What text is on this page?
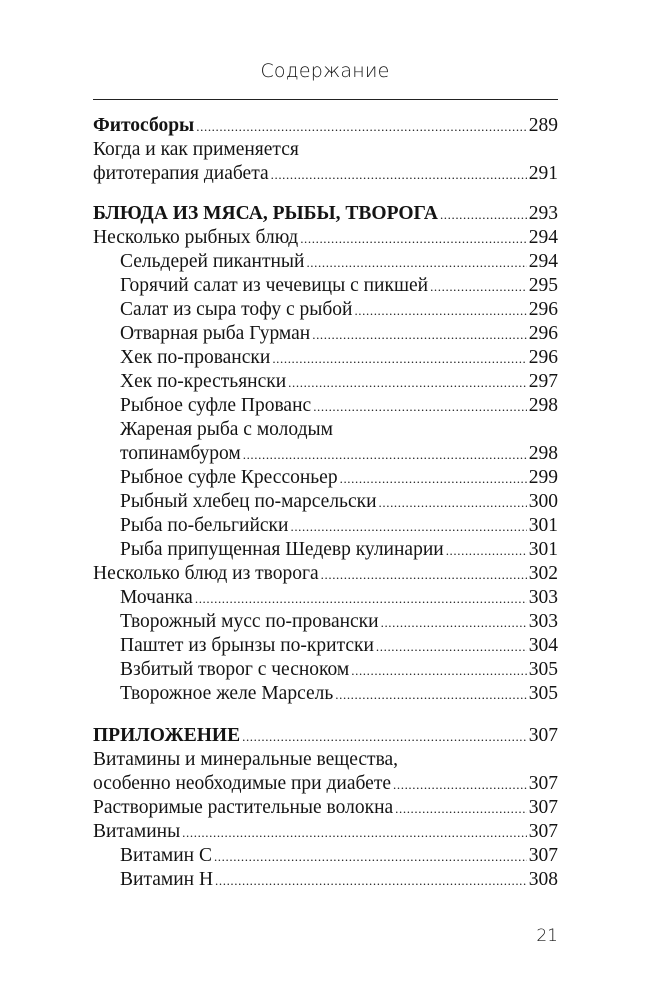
Содержание
Фитосборы .....	289
Когда и как применяется
фитотерапия диабета .....	291
БЛЮДА ИЗ МЯСА, РЫБЫ, ТВОРОГА .....	293
Несколько рыбных блюд .....	294
Сельдерей пикантный .....	294
Горячий салат из чечевицы с пикшей .....	295
Салат из сыра тофу с рыбой .....	296
Отварная рыба Гурман .....	296
Хек по-провански .....	296
Хек по-крестьянски .....	297
Рыбное суфле Прованс .....	298
Жареная рыба с молодым
топинамбуром .....	298
Рыбное суфле Крессоньер .....	299
Рыбный хлебец по-марсельски .....	300
Рыба по-бельгийски .....	301
Рыба припущенная Шедевр кулинарии .....	301
Несколько блюд из творога .....	302
Мочанка .....	303
Творожный мусс по-провански .....	303
Паштет из брынзы по-критски .....	304
Взбитый творог с чесноком .....	305
Творожное желе Марсель .....	305
ПРИЛОЖЕНИЕ .....	307
Витамины и минеральные вещества,
особенно необходимые при диабете .....	307
Растворимые растительные волокна .....	307
Витамины .....	307
Витамин С .....	307
Витамин Н .....	308
21
